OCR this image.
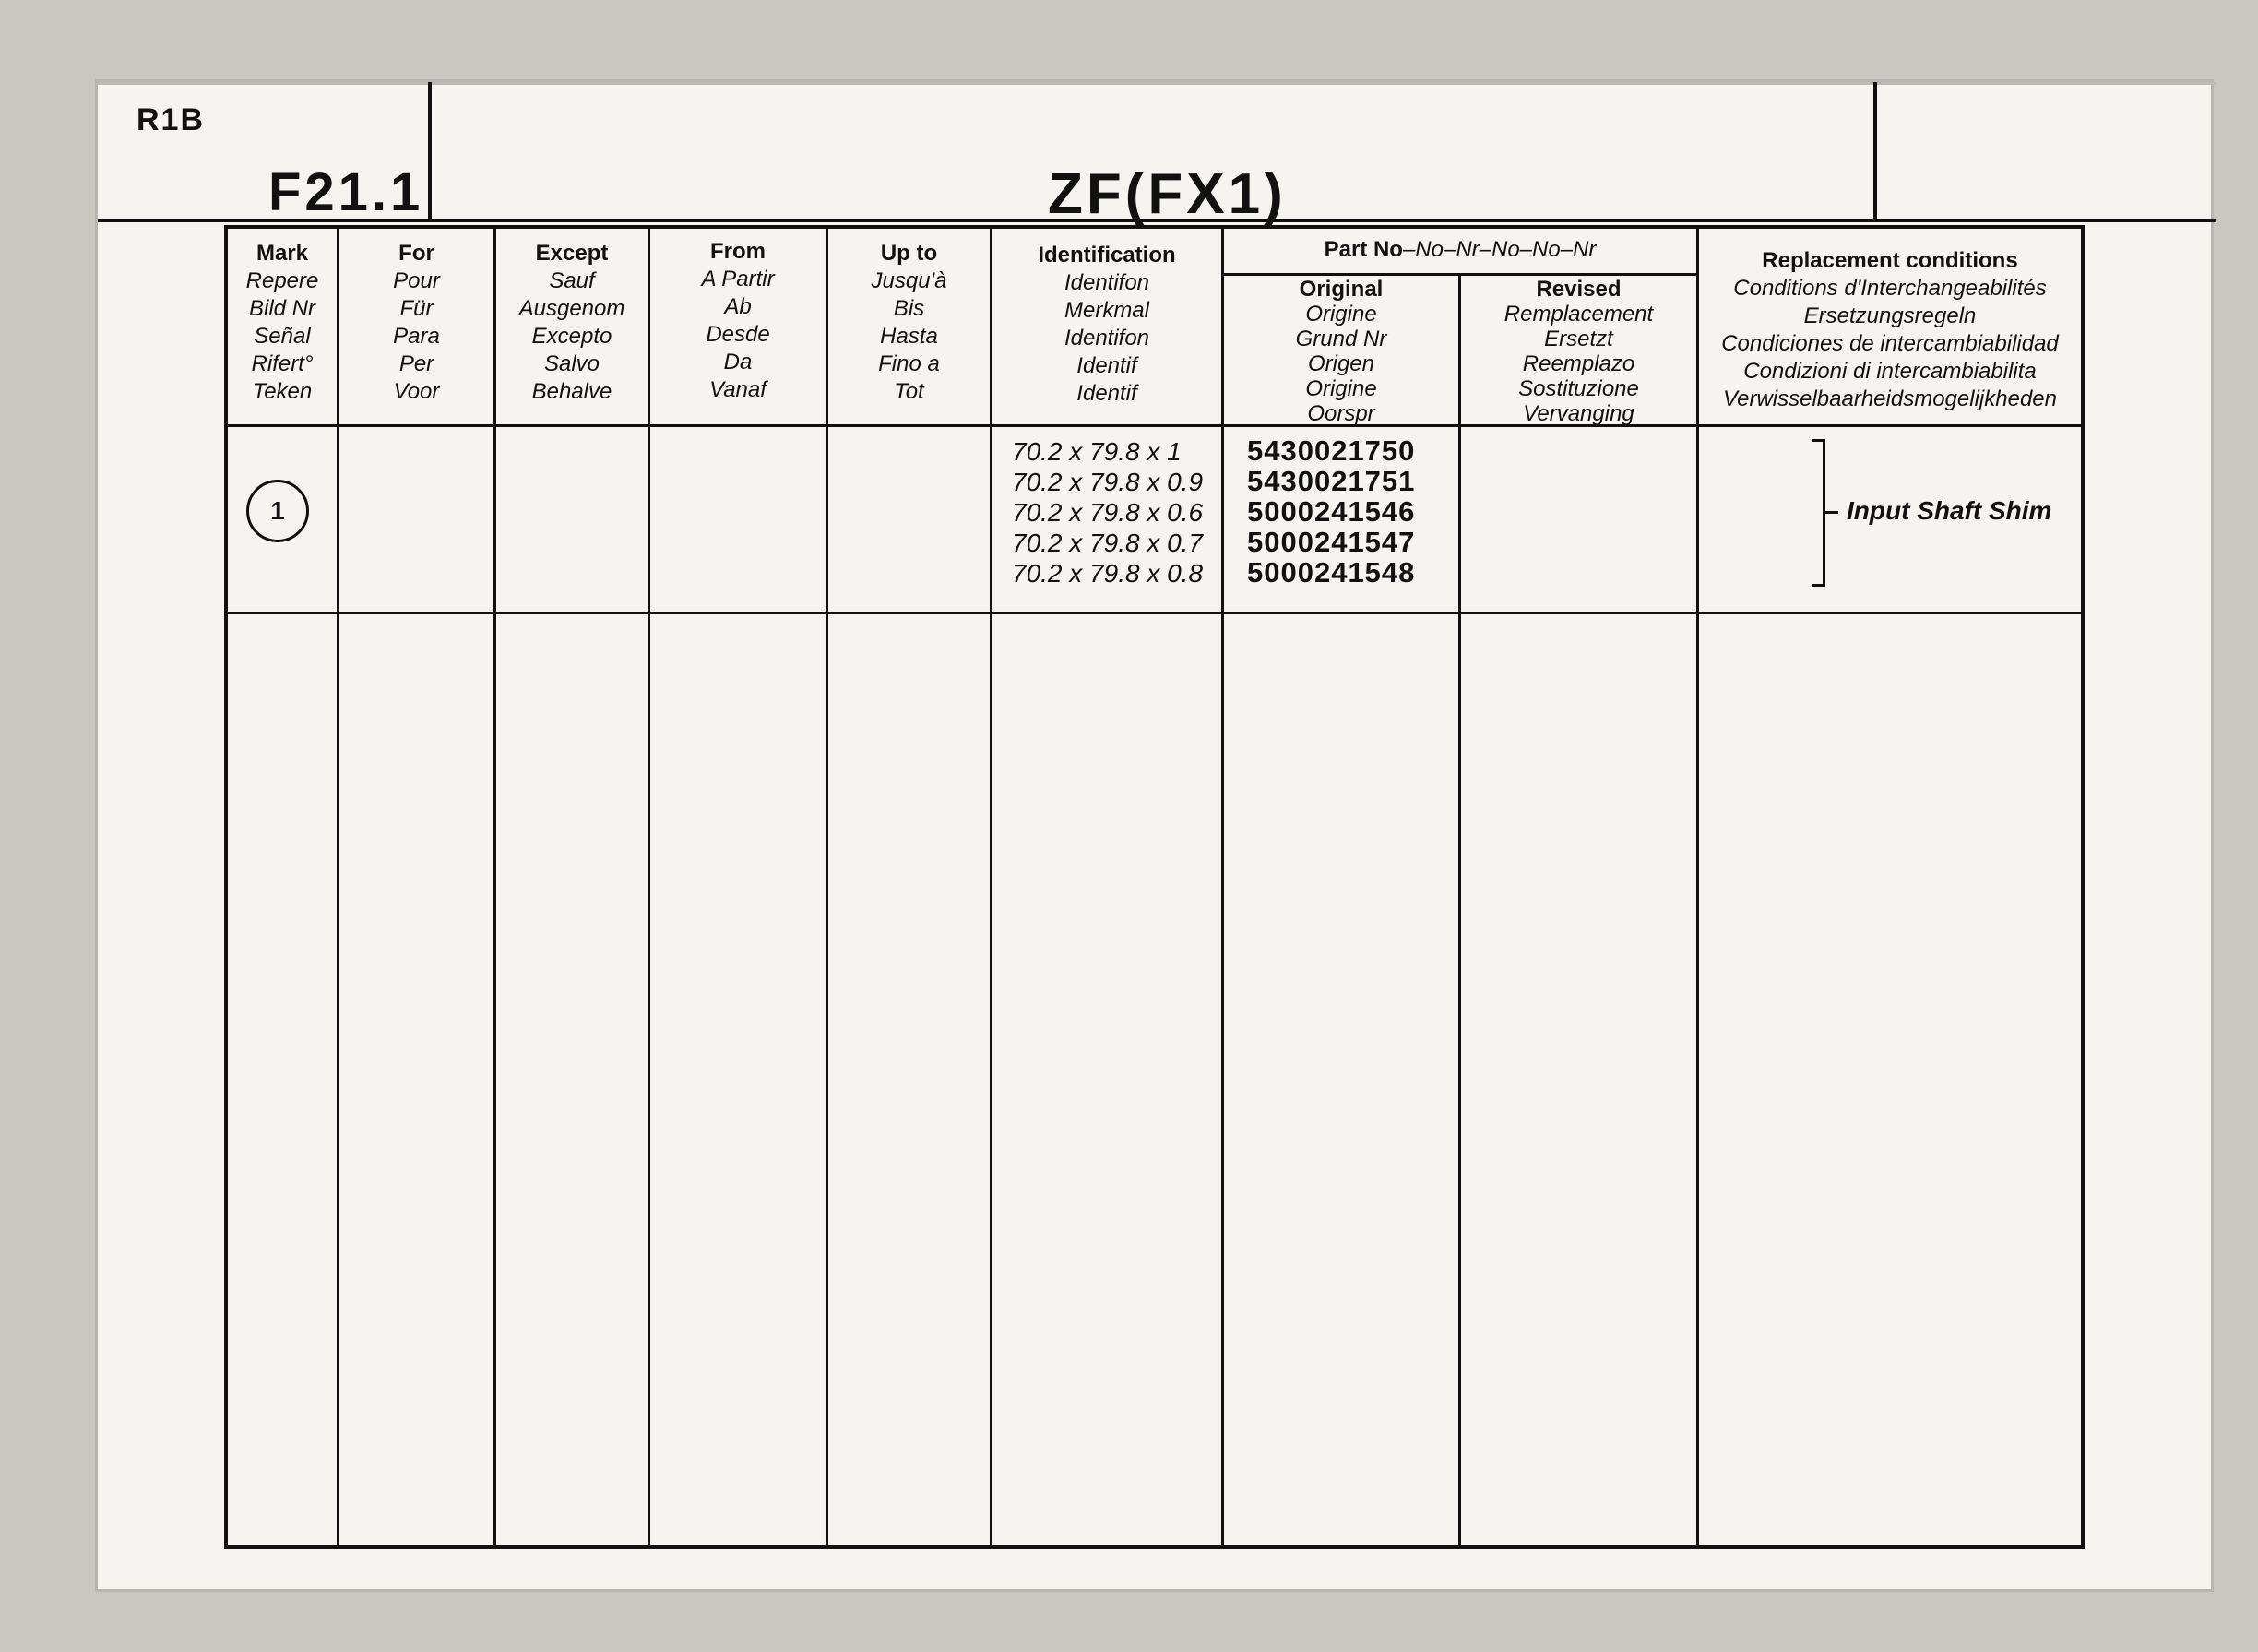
R1B
F21.1	ZF(FX1)
Mark
Repere
Bild Nr
Señal
Rifert°
Teken
For
Pour
Für
Para
Per
Voor
Except
Sauf
Ausgenom
Excepto
Salvo
Behalve
From
A Partir
Ab
Desde
Da
Vanaf
Up to
Jusqu'à
Bis
Hasta
Fino a
Tot
Identification
Identifon
Merkmal
Identifon
Identif
Identif
Part No–No–Nr–No–No–Nr
Original
Origine
Grund Nr
Origen
Origine
Oorspr
Revised
Remplacement
Ersetzt
Reemplazo
Sostituzione
Vervanging
Replacement conditions
Conditions d'Interchangeabilités
Ersetzungsregeln
Condiciones de intercambiabilidad
Condizioni di intercambiabilita
Verwisselbaarheidsmogelijkheden
1
70.2 x 79.8 x 1
70.2 x 79.8 x 0.9
70.2 x 79.8 x 0.6
70.2 x 79.8 x 0.7
70.2 x 79.8 x 0.8
5430021750
5430021751
5000241546
5000241547
5000241548
Input Shaft Shim
